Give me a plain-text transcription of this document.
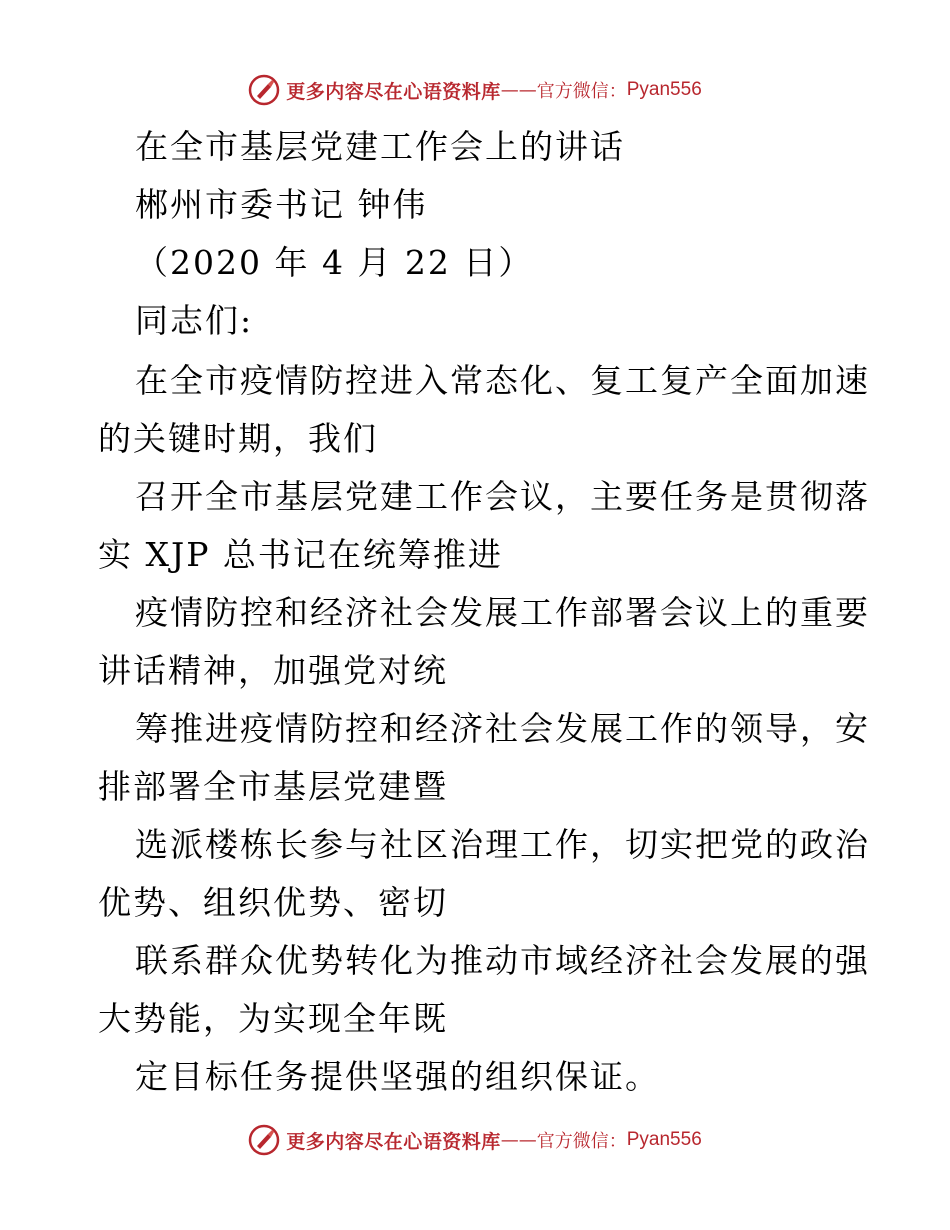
更多内容尽在心语资料库 —— 官方微信： Pyan556
在全市基层党建工作会上的讲话
郴州市委书记 钟伟
（2020 年 4 月 22 日）
同志们:
在全市疫情防控进入常态化、复工复产全面加速
的关键时期，我们
召开全市基层党建工作会议，主要任务是贯彻落
实 XJP 总书记在统筹推进
疫情防控和经济社会发展工作部署会议上的重要
讲话精神，加强党对统
筹推进疫情防控和经济社会发展工作的领导，安
排部署全市基层党建暨
选派楼栋长参与社区治理工作，切实把党的政治
优势、组织优势、密切
联系群众优势转化为推动市域经济社会发展的强
大势能，为实现全年既
定目标任务提供坚强的组织保证。
更多内容尽在心语资料库 —— 官方微信： Pyan556
